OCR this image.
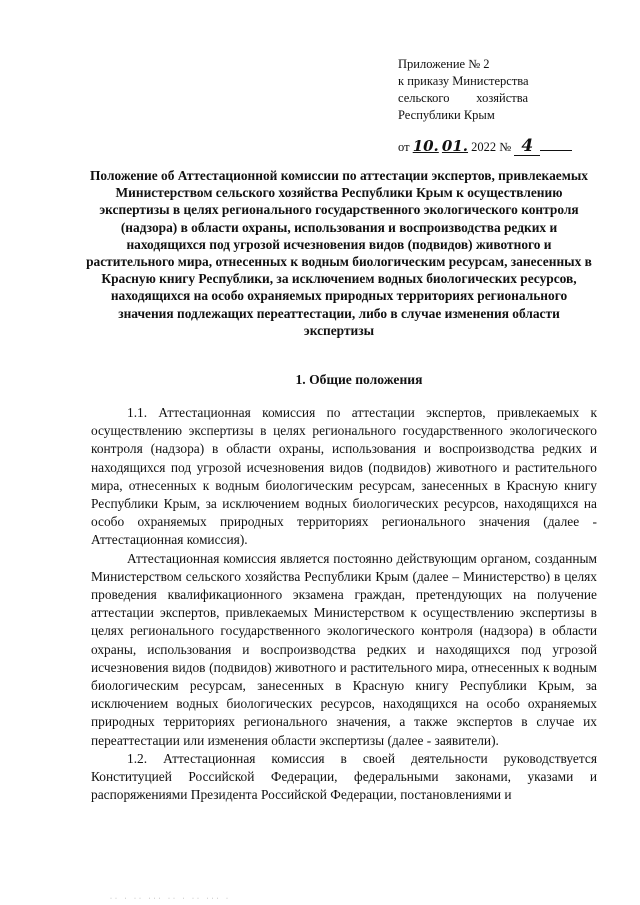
Приложение № 2
к приказу Министерства
сельского хозяйства
Республики Крым
от 10. 01. 2022 № 4
Положение об Аттестационной комиссии по аттестации экспертов, привлекаемых Министерством сельского хозяйства Республики Крым к осуществлению экспертизы в целях регионального государственного экологического контроля (надзора) в области охраны, использования и воспроизводства редких и находящихся под угрозой исчезновения видов (подвидов) животного и растительного мира, отнесенных к водным биологическим ресурсам, занесенных в Красную книгу Республики, за исключением водных биологических ресурсов, находящихся на особо охраняемых природных территориях регионального значения подлежащих переаттестации, либо в случае изменения области экспертизы
1. Общие положения

1.1. Аттестационная комиссия по аттестации экспертов, привлекаемых к осуществлению экспертизы в целях регионального государственного экологического контроля (надзора) в области охраны, использования и воспроизводства редких и находящихся под угрозой исчезновения видов (подвидов) животного и растительного мира, отнесенных к водным биологическим ресурсам, занесенных в Красную книгу Республики Крым, за исключением водных биологических ресурсов, находящихся на особо охраняемых природных территориях регионального значения (далее - Аттестационная комиссия).

Аттестационная комиссия является постоянно действующим органом, созданным Министерством сельского хозяйства Республики Крым (далее – Министерство) в целях проведения квалификационного экзамена граждан, претендующих на получение аттестации экспертов, привлекаемых Министерством к осуществлению экспертизы в целях регионального государственного экологического контроля (надзора) в области охраны, использования и воспроизводства редких и находящихся под угрозой исчезновения видов (подвидов) животного и растительного мира, отнесенных к водным биологическим ресурсам, занесенных в Красную книгу Республики Крым, за исключением водных биологических ресурсов, находящихся на особо охраняемых природных территориях регионального значения, а также экспертов в случае их переаттестации или изменения области экспертизы (далее - заявители).

1.2. Аттестационная комиссия в своей деятельности руководствуется Конституцией Российской Федерации, федеральными законами, указами и распоряжениями Президента Российской Федерации, постановлениями и

·· · ·· ··· ·· · ·· ··· ·
